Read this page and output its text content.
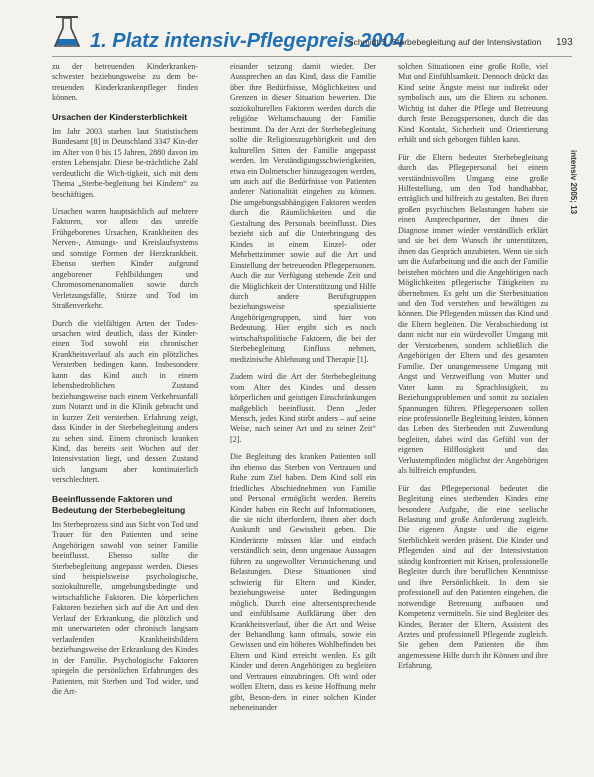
1. Platz intensiv-Pflegepreis 2004
Schmidt S. Sterbebegleitung auf der Intensivstation 193
intensiv 2005; 13

zu der betreuenden Kinderkranken-schwester beziehungsweise zu dem be-treuenden Kinderkrankenpfleger finden können.

Ursachen der Kindersterblichkeit

Im Jahr 2003 starben laut Statistischem Bundesamt [8] in Deutschland 3347 Kin-der im Alter von 0 bis 15 Jahren, 2880 davon im ersten Lebensjahr. Diese be-trächtliche Zahl verdeutlicht die Wich-tigkeit, sich mit dem Thema „Sterbe-begleitung bei Kindern“ zu beschäftigen.

Ursachen waren hauptsächlich auf mehrere Faktoren, vor allem das unreife Frühgeborenes Ursachen, Krankheiten des Nerven-, Atmungs- und Kreislaufsystems und sonstige Formen der Herzkrankheit. Ebenso sterben Kinder aufgrund angeborener Fehlbildungen und Chromosomenanomalien sowie durch Verletzungsfälle, Stürze und Tod im Straßenverkehr.

Durch die vielfältigen Arten der Todes-ursachen wird deutlich, dass der Kinder-einen Tod sowohl ein chronischer Krankheitsverlauf als auch ein plötzliches Versterben bedingen kann. Insbesondere kann das Kind auch in einem lebensbedrohlichen Zustand beziehungsweise nach einem Verkehrsunfall zum Notarzt und in die Klinik gebracht und in kurzer Zeit versterben. Erfahrung zeigt, dass Kinder in der Sterbebegleitung anders zu sehen sind. Einem chronisch kranken Kind, das bereits seit Wochen auf der Intensivstation liegt, und dessen Zustand sich langsam aber kontinuierlich verschlechtert.

Beeinflussende Faktoren und Bedeutung der Sterbebegleitung

Im Sterbeprozess sind aus Sicht von Tod und Trauer für den Patienten und seine Angehörigen sowohl von seiner Familie beeinflusst. Ebenso sollte die Sterbebegleitung angepasst werden. Dieses sind beispielsweise psychologische, soziokulturelle, umgebungsbedingte und wirtschaftliche Faktoren. Die körperlichen Faktoren beziehen sich auf die Art und den Verlauf der Erkrankung, die plötzlich und mit unerwarteten oder chronisch langsam verlaufenden Krankheitsbildern beziehungsweise der Erkrankung des Kindes in der Familie. Psychologische Faktoren spiegeln die persönlichen Erfahrungen des Patienten, mit Sterben und Tod wider, und die Art-

einander setzung damit wieder. Der Aussprechen an das Kind, dass die Familie über ihre Bedürfnisse, Möglichkeiten und Grenzen in dieser Situation bewerten. Die soziokulturellen Faktoren werden durch die religiöse Weltanschauung der Familie bestimmt. Da der Arzt der Sterbebegleitung sollte die Religionszugehörigkeit und den kulturellen Sitten der Familie angepasst werden. Im Verständigungsschwierigkeiten, etwa ein Dolmetscher hinzugezogen werden, um auch auf die Bedürfnisse von Patienten anderer Nationalität eingehen zu können. Die umgebungsabhängigen Faktoren werden durch die Räumlichkeiten und die Gestaltung des Personals beeinflusst. Dies bezieht sich auf die Unterbringung des Kindes in einem Einzel- oder Mehrbettzimmer sowie auf die Art und Einstellung der betreuenden Pflegepersonen. Auch die zur Verfügung stehende Zeit und die Möglichkeit der Unterstützung und Hilfe durch andere Berufsgruppen beziehungsweise spezialisierte Angehörigengruppen, sind hier von Bedeutung. Hier ergibt sich es noch wirtschaftspolitische Faktoren, die bei der Sterbebegleitung Einfluss nehmen, medizinische Ablehnung und Therapie [1].

Zudem wird die Art der Sterbebegleitung vom Alter des Kindes und dessen körperlichen und geistigen Einschränkungen maßgeblich beeinflusst. Denn „Jeder Mensch, jedes Kind stirbt anders – auf seine Weise, nach seiner Art und zu seiner Zeit“ [2].

Die Begleitung des kranken Patienten soll ihn ebenso das Sterben von Vertrauen und Ruhe zum Ziel haben. Dem Kind soll ein friedliches Abschiednehmen von Familie und Personal ermöglicht werden. Bereits Kinder haben ein Recht auf Informationen, die sie nicht überfordern, ihnen aber doch Auskunft und Gewissheit geben. Die Kinderärzte müssen klar und einfach verständlich sein, denn ungenaue Aussagen führen zu ungewollter Verunsicherung und Belastungen. Diese Situationen sind schwierig für Eltern und Kinder, beziehungsweise unter Bedingungen möglich. Durch eine altersentsprechende und einfühlsame Aufklärung über den Krankheitsverlauf, über die Art und Weise der Behandlung kann oftmals, sowie ein Gewissen und ein höheres Wohlbefinden bei Eltern und Kind erreicht werden. Es gilt Kinder und deren Angehörigen zu begleiten und Vertrauen einzubringen. Oft wird oder wollen Eltern, dass es keine Hoffnung mehr gibt, Beson-ders in einer solchen Kinder nebeneinander

solchen Situationen eine große Rolle, viel Mut und Einfühlsamkeit. Dennoch drückt das Kind seine Ängste meist nur indirekt oder symbolisch aus, um die Eltern zu schonen. Wichtig ist daher die Pflege und Betreuung durch feste Bezugspersonen, durch die das Kind Kontakt, Sicherheit und Orientierung erhält und sich geborgen fühlen kann.

Für die Eltern bedeutet Sterbebegleitung durch das Pflegepersonal bei einem verständnisvollen Umgang eine große Hilfestellung, um den Tod handhabbar, erträglich und hilfreich zu gestalten. Bei ihren großen psychischen Belastungen haben sie einen Ansprechpartner, der ihnen die Diagnose immer wieder verständlich erklärt und sie bei dem Wunsch ihr unterstützen, ihnen das Gespräch anzubieten. Wenn sie sich um die Aufarbeitung und die auch der Familie beistehen möchten und die Angehörigen nach Möglichkeiten pflegerische Tätigkeiten zu übernehmen. Es geht um die Sterbesituation und den Tod verstehen und bewältigen zu können. Die Pflegenden müssen das Kind und die Eltern begleiten. Die Verabschiedung ist dann nicht nur ein würdevoller Umgang mit der Verstorbenen, sondern schließlich die Angehörigen der Eltern und des gesamten Familie. Der unangemessene Umgang mit Angst und Verzweiflung von Mutter und Vater kann zu Sprachlosigkeit, zu Beziehungsproblemen und somit zu sozialen Spannungen führen. Pflegepersonen sollen eine professionelle Begleitung leisten, können das Leben des Sterbenden mit Zuwendung begleiten, dabei wird das Gefühl von der eigenen Hilflosigkeit und das Verlustempfinden möglichst der Angehörigen als hilfreich empfunden.

Für das Pflegepersonal bedeutet die Begleitung eines sterbenden Kindes eine besondere Aufgabe, die eine seelische Belastung und große Anforderung zugleich. Die eigenen Ängste und die eigene Sterblichkeit werden präsent. Die Kinder und Pflegenden sind auf der Intensivstation ständig konfrontiert mit Krisen, professionelle Begleiter durch ihre beruflichen Kenntnisse und ihre Persönlichkeit. In dem sie professionell auf den Patienten eingehen, die notwendige Betreuung aufbauen und Kompetenz vermitteln. Sie sind Begleiter des Kindes, Berater der Eltern, Assistent des Arztes und professionell Pflegende zugleich. Sie geben dem Patienten die ihm angemessene Hilfe durch ihr Können und ihre Erfahrung.
